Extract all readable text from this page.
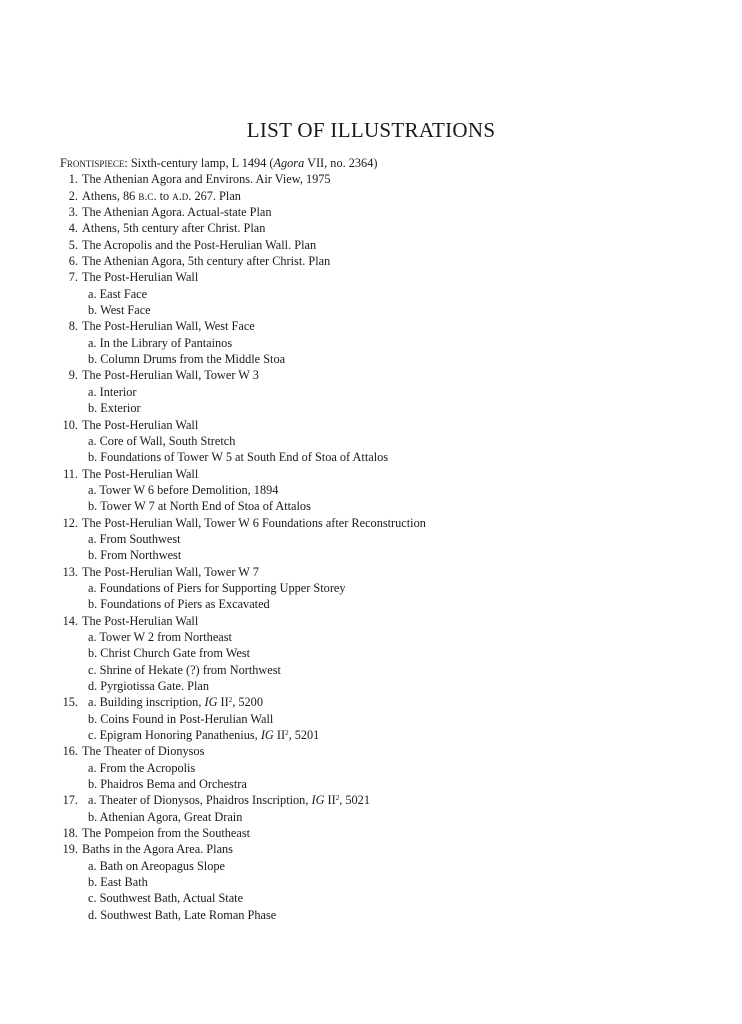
LIST OF ILLUSTRATIONS
Frontispiece: Sixth-century lamp, L 1494 (Agora VII, no. 2364)
1. The Athenian Agora and Environs. Air View, 1975
2. Athens, 86 b.c. to a.d. 267. Plan
3. The Athenian Agora. Actual-state Plan
4. Athens, 5th century after Christ. Plan
5. The Acropolis and the Post-Herulian Wall. Plan
6. The Athenian Agora, 5th century after Christ. Plan
7. The Post-Herulian Wall
a. East Face
b. West Face
8. The Post-Herulian Wall, West Face
a. In the Library of Pantainos
b. Column Drums from the Middle Stoa
9. The Post-Herulian Wall, Tower W 3
a. Interior
b. Exterior
10. The Post-Herulian Wall
a. Core of Wall, South Stretch
b. Foundations of Tower W 5 at South End of Stoa of Attalos
11. The Post-Herulian Wall
a. Tower W 6 before Demolition, 1894
b. Tower W 7 at North End of Stoa of Attalos
12. The Post-Herulian Wall, Tower W 6 Foundations after Reconstruction
a. From Southwest
b. From Northwest
13. The Post-Herulian Wall, Tower W 7
a. Foundations of Piers for Supporting Upper Storey
b. Foundations of Piers as Excavated
14. The Post-Herulian Wall
a. Tower W 2 from Northeast
b. Christ Church Gate from West
c. Shrine of Hekate (?) from Northwest
d. Pyrgiotissa Gate. Plan
15. a. Building inscription, IG $II^2$, 5200
b. Coins Found in Post-Herulian Wall
c. Epigram Honoring Panathenius, IG $II^2$, 5201
16. The Theater of Dionysos
a. From the Acropolis
b. Phaidros Bema and Orchestra
17. a. Theater of Dionysos, Phaidros Inscription, IG $II^2$, 5021
b. Athenian Agora, Great Drain
18. The Pompeion from the Southeast
19. Baths in the Agora Area. Plans
a. Bath on Areopagus Slope
b. East Bath
c. Southwest Bath, Actual State
d. Southwest Bath, Late Roman Phase
